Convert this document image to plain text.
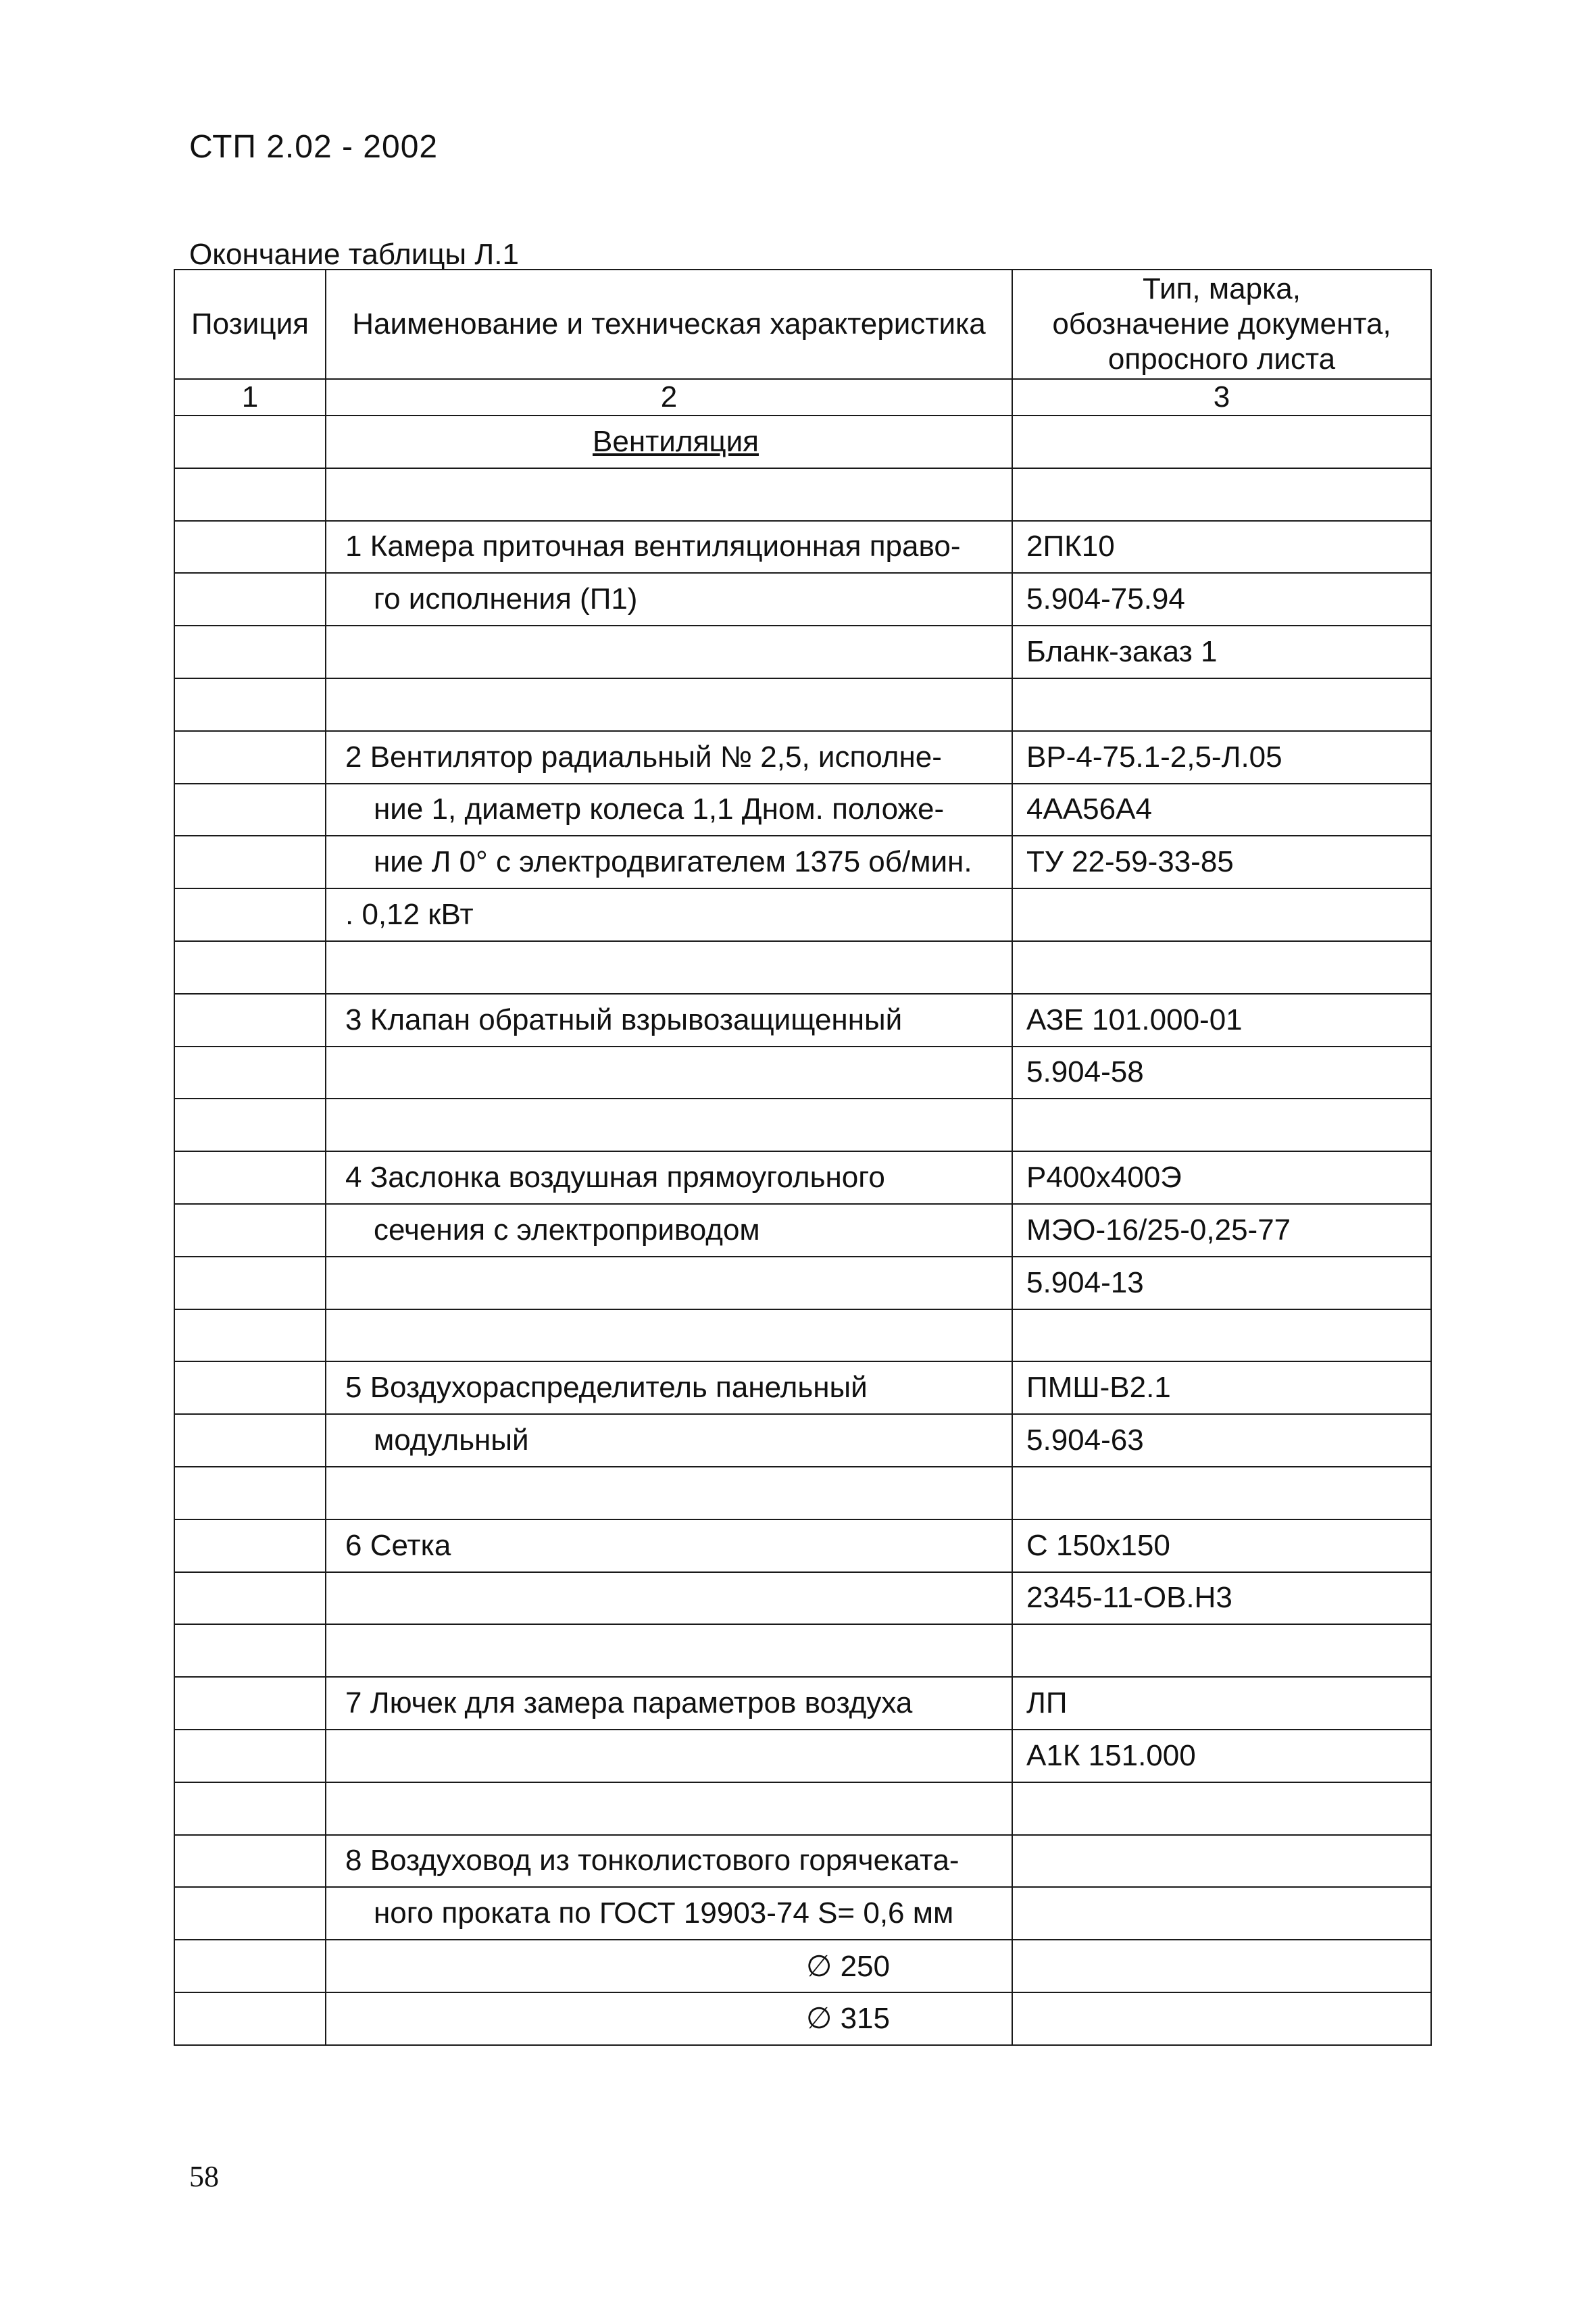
СТП 2.02 - 2002
Окончание таблицы Л.1
Позиция	Наименование и техническая характеристика	Тип, марка,
обозначение документа,
опросного листа

1	2	3
	Вентиляция	

	1 Камера приточная вентиляционная право-	2ПК10
	го исполнения (П1)	5.904-75.94
		Бланк-заказ 1

	2 Вентилятор радиальный № 2,5, исполне-	ВР-4-75.1-2,5-Л.05
	ние 1, диаметр колеса 1,1 Дном. положе-	4АА56А4
	ние Л 0° с электродвигателем 1375 об/мин.	ТУ 22-59-33-85
	. 0,12 кВт	

	3 Клапан обратный взрывозащищенный	АЗЕ 101.000-01
		5.904-58

	4 Заслонка воздушная прямоугольного	Р400х400Э
	сечения с электроприводом	МЭО-16/25-0,25-77
		5.904-13

	5 Воздухораспределитель панельный	ПМШ-В2.1
	модульный	5.904-63

	6 Сетка	С 150х150
		2345-11-ОВ.Н3

	7 Лючек для замера параметров воздуха	ЛП
		А1К 151.000

	8 Воздуховод из тонколистового горячеката-	
	ного проката по ГОСТ 19903-74 S= 0,6 мм	
	∅ 250	
	∅ 315	
58
